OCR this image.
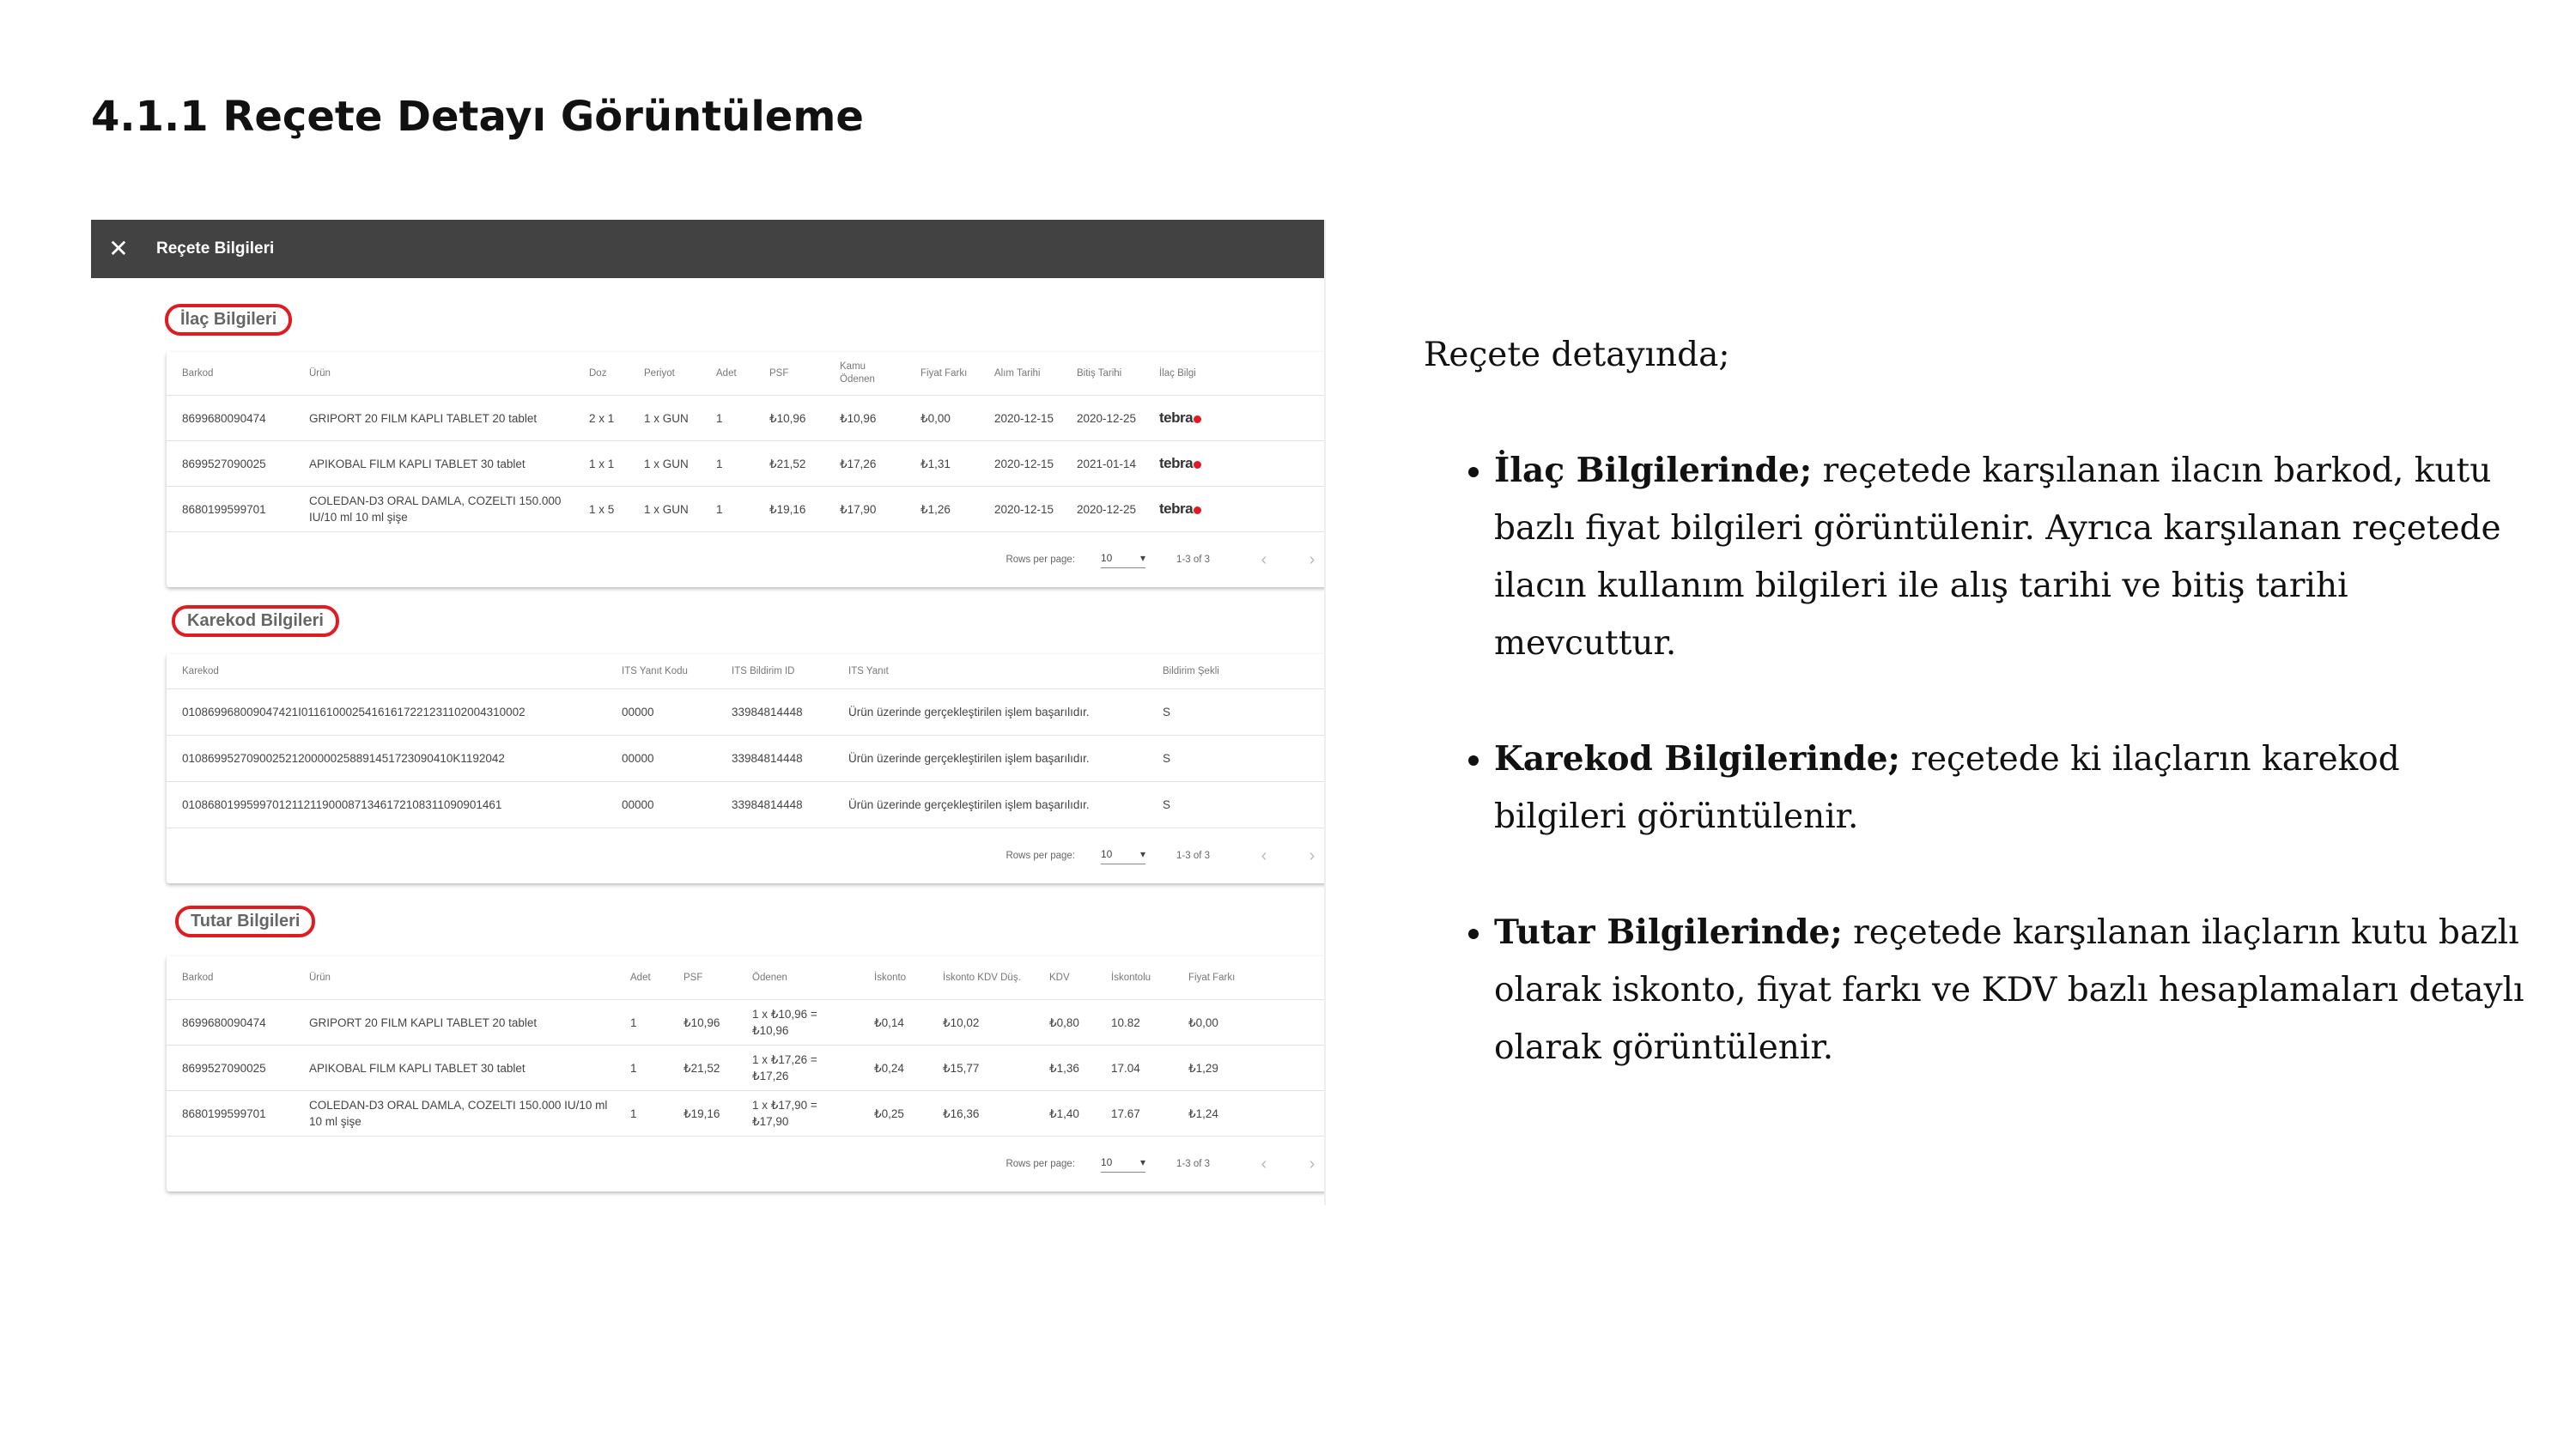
4.1.1 Reçete Detayı Görüntüleme
✕ Reçete Bilgileri
İlaç Bilgileri
Barkod	Ürün	Doz	Periyot	Adet	PSF	Kamu Ödenen	Fiyat Farkı	Alım Tarihi	Bitiş Tarihi	İlaç Bilgi
8699680090474	GRIPORT 20 FILM KAPLI TABLET 20 tablet	2 x 1	1 x GUN	1	₺10,96	₺10,96	₺0,00	2020-12-15	2020-12-25	tebra
8699527090025	APIKOBAL FILM KAPLI TABLET 30 tablet	1 x 1	1 x GUN	1	₺21,52	₺17,26	₺1,31	2020-12-15	2021-01-14	tebra
8680199599701	COLEDAN-D3 ORAL DAMLA, COZELTI 150.000 IU/10 ml 10 ml şişe	1 x 5	1 x GUN	1	₺19,16	₺17,90	₺1,26	2020-12-15	2020-12-25	tebra
Rows per page:	10	▾	1-3 of 3	‹	›
Karekod Bilgileri
Karekod	ITS Yanıt Kodu	ITS Bildirim ID	ITS Yanıt	Bildirim Şekli
010869968009047421I0116100025416161722123110200431000​2	00000	33984814448	Ürün üzerinde gerçekleştirilen işlem başarılıdır.	S
01086995270900252120000025889145172309041​0K1192042	00000	33984814448	Ürün üzerinde gerçekleştirilen işlem başarılıdır.	S
0108680199599701211211900087134617210831109090146​1	00000	33984814448	Ürün üzerinde gerçekleştirilen işlem başarılıdır.	S
Rows per page:	10	▾	1-3 of 3	‹	›
Tutar Bilgileri
Barkod	Ürün	Adet	PSF	Ödenen	İskonto	İskonto KDV Düş.	KDV	İskontolu	Fiyat Farkı
8699680090474	GRIPORT 20 FILM KAPLI TABLET 20 tablet	1	₺10,96	1 x ₺10,96 = ₺10,96	₺0,14	₺10,02	₺0,80	10.82	₺0,00
8699527090025	APIKOBAL FILM KAPLI TABLET 30 tablet	1	₺21,52	1 x ₺17,26 = ₺17,26	₺0,24	₺15,77	₺1,36	17.04	₺1,29
8680199599701	COLEDAN-D3 ORAL DAMLA, COZELTI 150.000 IU/10 ml 10 ml şişe	1	₺19,16	1 x ₺17,90 = ₺17,90	₺0,25	₺16,36	₺1,40	17.67	₺1,24
Rows per page:	10	▾	1-3 of 3	‹	›

Reçete detayında;

• İlaç Bilgilerinde; reçetede karşılanan ilacın barkod, kutu bazlı fiyat bilgileri görüntülenir. Ayrıca karşılanan reçetede ilacın kullanım bilgileri ile alış tarihi ve bitiş tarihi mevcuttur.
• Karekod Bilgilerinde; reçetede ki ilaçların karekod bilgileri görüntülenir.
• Tutar Bilgilerinde; reçetede karşılanan ilaçların kutu bazlı olarak iskonto, fiyat farkı ve KDV bazlı hesaplamaları detaylı olarak görüntülenir.
